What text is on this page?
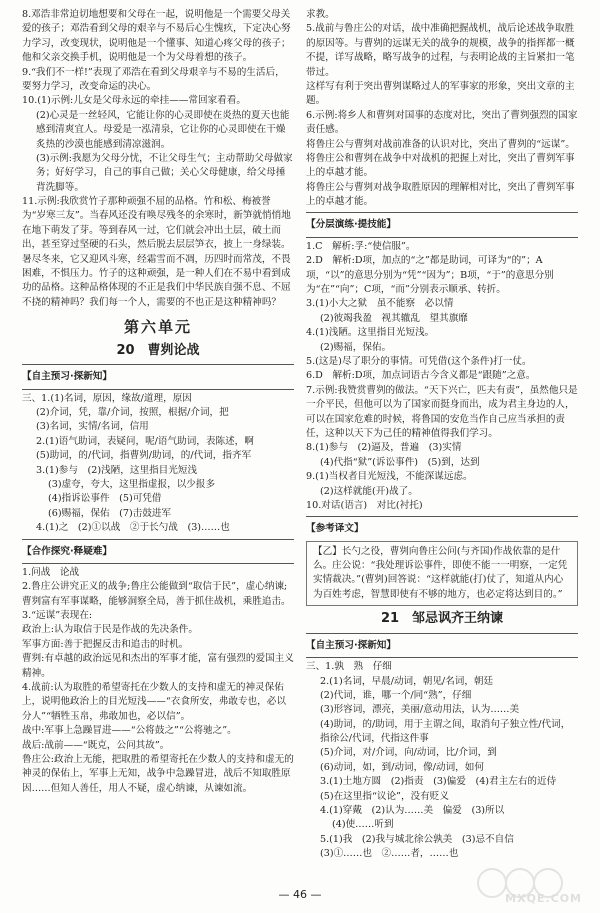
8.邓浩非常迫切地想要和父母在一起，说明他是一个需要父母关爱的孩子；邓浩看到父母的艰辛与不易后心生愧疚，下定决心努力学习，改变现状，说明他是一个懂事、知道心疼父母的孩子；他和父亲交换手机，说明他是一个为父母着想的孩子。

9.“我们不一样!”表现了邓浩在看到父母艰辛与不易的生活后，要努力学习，改变命运的决心。

10.(1)示例:儿女是父母永远的牵挂——常回家看看。

(2)心灵是一丝轻风，它能让你的心灵即使在炎热的夏天也能感到清爽宜人。母爱是一泓清泉，它让你的心灵即使在干燥炙热的沙漠也能感到清凉滋润。

(3)示例:我愿为父母分忧，不让父母生气；主动帮助父母做家务；好好学习，自己的事自己做；关心父母健康，给父母捶背洗脚等。

11.示例:我欣赏竹子那种顽强不屈的品格。竹和松、梅被誉为“岁寒三友”。当春风还没有唤尽残冬的余寒时，新笋就悄悄地在地下萌发了芽。等到春风一过，它们就会冲出土层，破土而出，甚至穿过坚硬的石头，然后脱去层层笋衣，披上一身绿装。暑尽冬来，它又迎风斗寒，经霜雪而不凋，历四时而常茂，不畏困难，不惧压力。竹子的这种顽强，是一种人们在不易中看到成功的品格。这种品格体现的不正是我们中华民族自强不息、不屈不挠的精神吗？我们每一个人，需要的不也正是这种精神吗？

第六单元
20　曹刿论战
【 自主预习·探新知 】

三、1.(1)名词，原因，缘故/道理，原因

(2)介词，凭，靠/介词，按照，根据/介词，把

(3)名词，实情/名词，信用

2.(1)语气助词，表疑问，呢/语气助词，表陈述，啊

(5)助词，的/代词，指曹刿/助词，的/代词，指齐军

3.(1)参与　(2)浅陋，这里指目光短浅

(3)虚夸，夸大，这里指虚报，以少报多

(4)指诉讼事件　(5)可凭借

(6)赐福，保佑　(7)击鼓进军

4.(1)之　(2)①以战　②于长勺战　(3)……也

【 合作探究·释疑难 】

1.问战　论战

2.鲁庄公讲究正义的战争;鲁庄公能做到“取信于民”，虚心纳谏;曹刿富有军事谋略，能够洞察全局，善于抓住战机，乘胜追击。

3.“远谋”表现在:

政治上:认为取信于民是作战的先决条件。

军事方面:善于把握反击和追击的时机。

曹刿:有卓越的政治远见和杰出的军事才能，富有强烈的爱国主义精神。

4.战前:认为取胜的希望寄托在少数人的支持和虚无的神灵保佑上，说明他政治上的目光短浅——“衣食所安，弗敢专也，必以分人”“牺牲玉帛，弗敢加也，必以信”。

战中:军事上急躁冒进——“公将鼓之”“公将驰之”。

战后:战前——“既克，公问其故”。

鲁庄公:政治上无能，把取胜的希望寄托在少数人的支持和虚无的神灵的保佑上，军事上无知，战争中急躁冒进，战后不知取胜原因……但知人善任，用人不疑，虚心纳谏，从谏如流。

求教。

5.战前与鲁庄公的对话，战中准确把握战机，战后论述战争取胜的原因等。与曹刿的远谋无关的战争的规模，战争的指挥都一概不提，详写战略，略写战争的过程，与表明论战的主旨紧扣一笔带过。

这样写有利于突出曹刿谋略过人的军事家的形象，突出文章的主题。

6.示例:将乡人和曹刿对国事的态度对比，突出了曹刿强烈的国家责任感。

将鲁庄公与曹刿对战前准备的认识对比，突出了曹刿的“远谋”。

将鲁庄公和曹刿在战争中对战机的把握上对比，突出了曹刿军事上的卓越才能。

将鲁庄公与曹刿对战争取胜原因的理解相对比，突出了曹刿军事上的卓越才能。

【 分层演练·提技能 】

1.C　解析:孚:“使信服”。

2.D　解析:D项，加点的“之”都是助词，可译为“的”；A项，“以”的意思分别为“凭”“因为”；B项，“于”的意思分别为“在”“向”；C项，“而”分别表示顺承、转折。

3.(1)小大之狱　虽不能察　必以情

(2)彼竭我盈　视其辙乱　望其旗靡

4.(1)浅陋。这里指目光短浅。

(2)赐福，保佑。

5.(这是)尽了职分的事情。可凭借(这个条件)打一仗。

6.D　解析:D项，加点词语古今含义都是“跟随”之意。

7.示例:我赞赏曹刿的做法。“天下兴亡，匹夫有责”，虽然他只是一介平民，但他可以为了国家而挺身而出，成为君主身边的人，可以在国家危难的时候，将鲁国的安危当作自己应当承担的责任，这种以天下为己任的精神值得我们学习。

8.(1)参与　(2)逼及，普遍　(3)实情

(4)代指“狱”(诉讼事件)　(5)到，达到

9.(1)当权者目光短浅，不能深谋远虑。

(2)这样就能(开)战了。

10.对话(语言)　对比(衬托)

【 参考译文 】

【乙】长勺之役，曹刿向鲁庄公问(与齐国)作战依靠的是什么。庄公说：“我处理诉讼事件，即使不能一一明察，一定凭实情裁决。”(曹刿)回答说：“这样就能(打)仗了，知道从内心为百姓考虑，智慧即使有不够的地方，也必定将达到目的。”

21　邹忌讽齐王纳谏
【 自主预习·探新知 】

三、1.孰　熟　仔细

2.(1)名词，早晨/动词，朝见/名词，朝廷

(2)代词，谁，哪一个/同“熟”，仔细

(3)形容词，漂亮，美丽/意动用法，认为……美

(4)助词，的/助词，用于主谓之间，取消句子独立性/代词，指徐公/代词，代指这件事

(5)介词，对/介词，向/动词，比/介词，到

(6)动词，如，到/动词，像/动词，如何

3.(1)土地方圆　(2)指责　(3)偏爱　(4)君主左右的近侍　(5)在这里指“议论”，没有贬义

4.(1)穿戴　(2)认为……美　偏爱　(3)所以

(4)使……听到

5.(1)我　(2)我与城北徐公孰美　(3)忌不自信

(3)①……也　②……者，……也

— 46 —	MXQE.COM
